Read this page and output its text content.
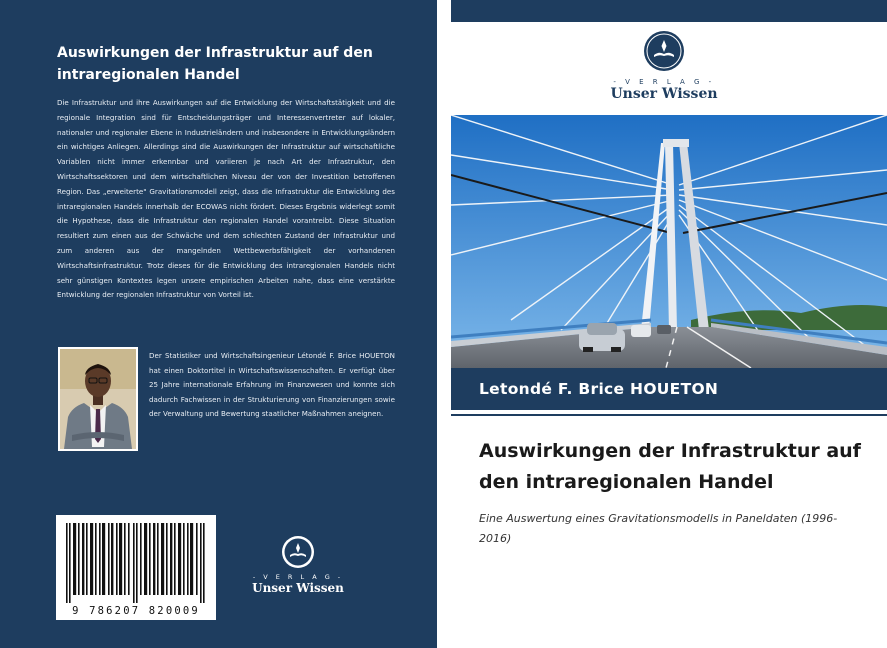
Auswirkungen der Infrastruktur auf den intraregionalen Handel
Die Infrastruktur und ihre Auswirkungen auf die Entwicklung der Wirtschaftstätigkeit und die regionale Integration sind für Entscheidungsträger und Interessenvertreter auf lokaler, nationaler und regionaler Ebene in Industrieländern und insbesondere in Entwicklungsländern ein wichtiges Anliegen. Allerdings sind die Auswirkungen der Infrastruktur auf wirtschaftliche Variablen nicht immer erkennbar und variieren je nach Art der Infrastruktur, den Wirtschaftssektoren und dem wirtschaftlichen Niveau der von der Investition betroffenen Region. Das „erweiterte" Gravitationsmodell zeigt, dass die Infrastruktur die Entwicklung des intraregionalen Handels innerhalb der ECOWAS nicht fördert. Dieses Ergebnis widerlegt somit die Hypothese, dass die Infrastruktur den regionalen Handel vorantreibt. Diese Situation resultiert zum einen aus der Schwäche und dem schlechten Zustand der Infrastruktur und zum anderen aus der mangelnden Wettbewerbsfähigkeit der vorhandenen Wirtschaftsinfrastruktur. Trotz dieses für die Entwicklung des intraregionalen Handels nicht sehr günstigen Kontextes legen unsere empirischen Arbeiten nahe, dass eine verstärkte Entwicklung der regionalen Infrastruktur von Vorteil ist.
Der Statistiker und Wirtschaftsingenieur Létondé F. Brice HOUETON hat einen Doktortitel in Wirtschaftswissenschaften. Er verfügt über 25 Jahre internationale Erfahrung im Finanzwesen und konnte sich dadurch Fachwissen in der Strukturierung von Finanzierungen sowie der Verwaltung und Bewertung staatlicher Maßnahmen aneignen.
9 786207 820009
- V E R L A G -
Unser Wissen
- V E R L A G -
Unser Wissen
Letondé F. Brice HOUETON
Auswirkungen der Infrastruktur auf den intraregionalen Handel
Eine Auswertung eines Gravitationsmodells in Paneldaten (1996-2016)
